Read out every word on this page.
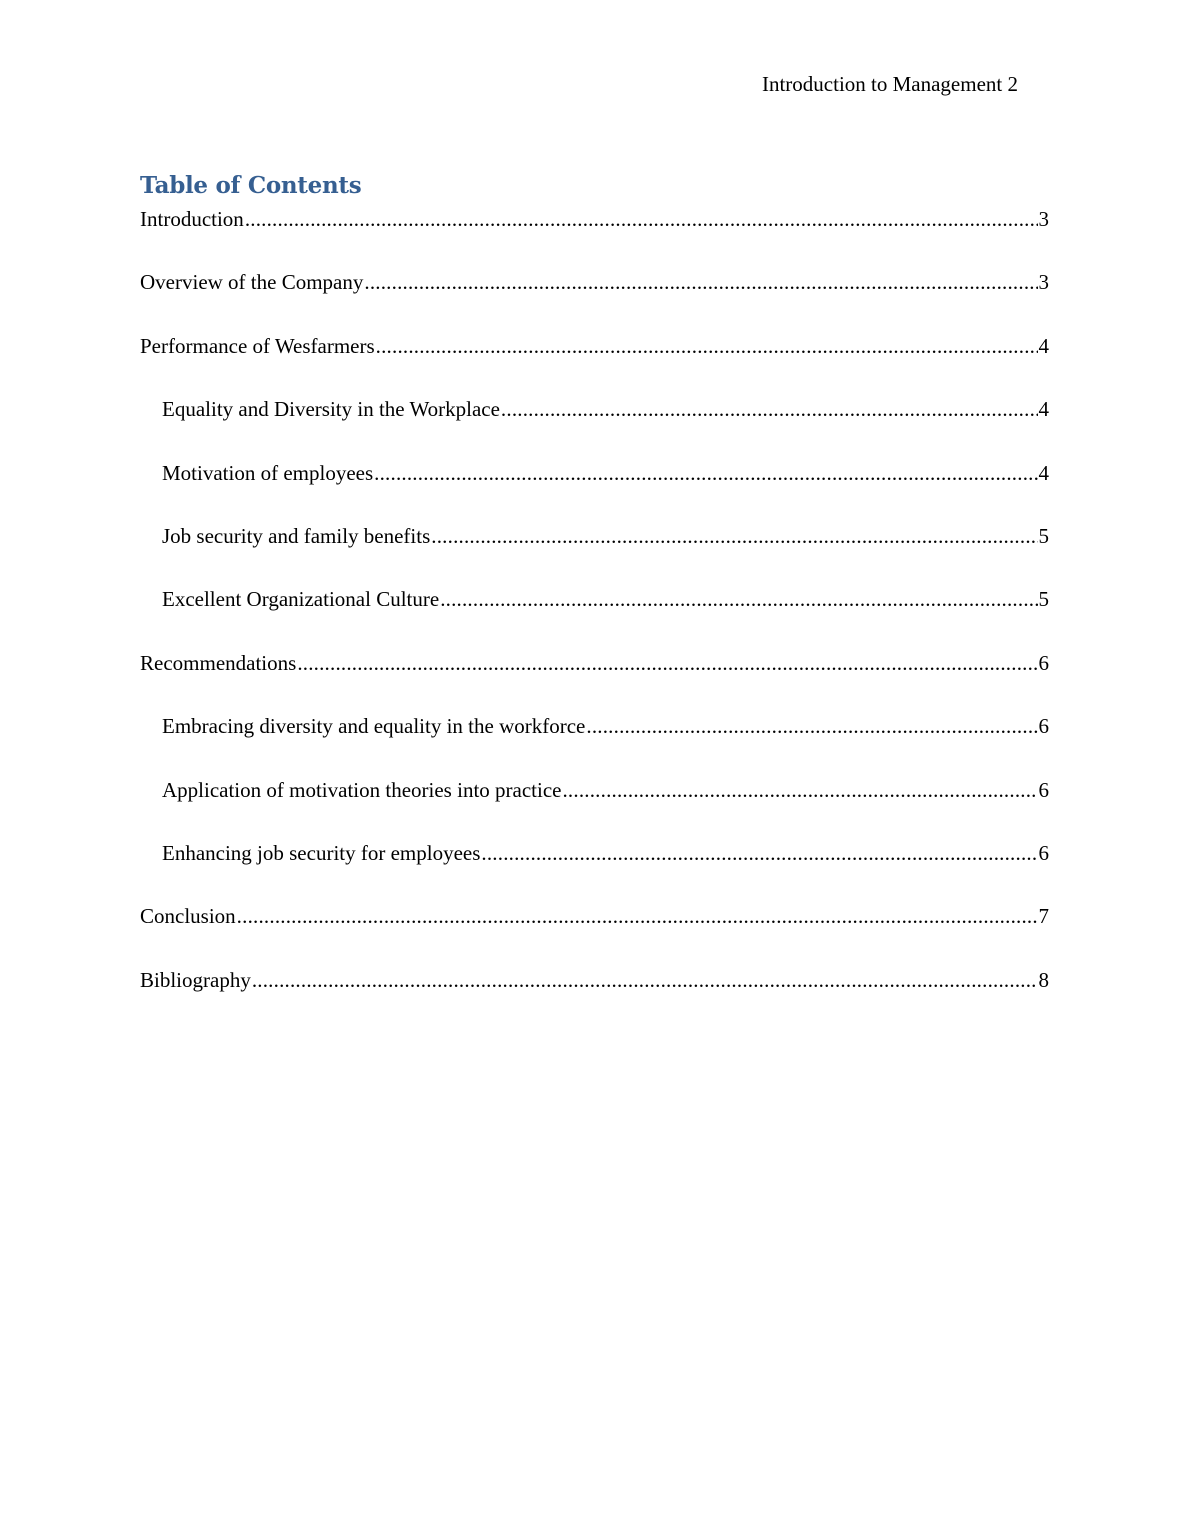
Introduction to Management 2
Table of Contents
Introduction .....	3
Overview of the Company .....	3
Performance of Wesfarmers .....	4
Equality and Diversity in the Workplace .....	4
Motivation of employees .....	4
Job security and family benefits .....	5
Excellent Organizational Culture .....	5
Recommendations .....	6
Embracing diversity and equality in the workforce .....	6
Application of motivation theories into practice .....	6
Enhancing job security for employees .....	6
Conclusion .....	7
Bibliography .....	8
